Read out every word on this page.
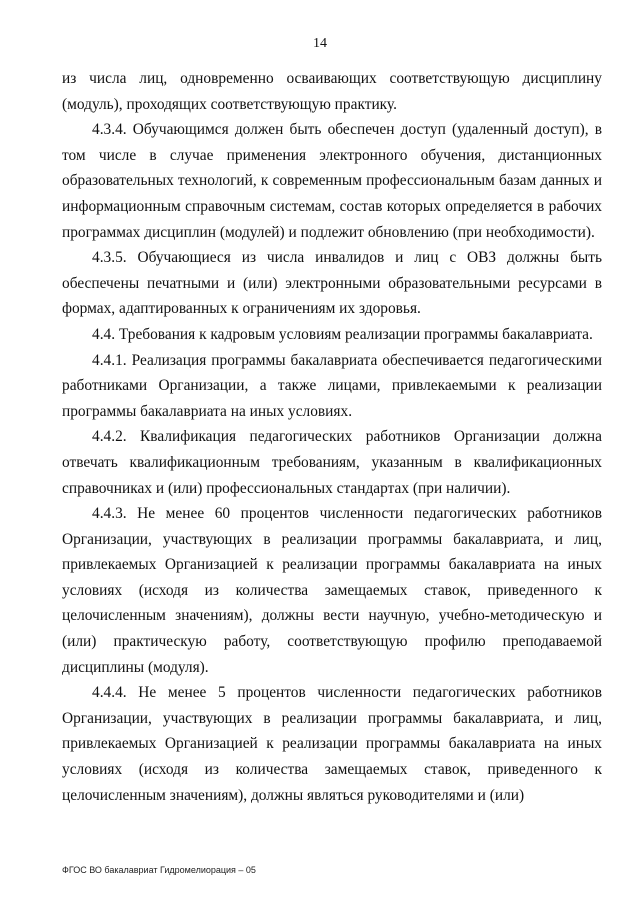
14

из числа лиц, одновременно осваивающих соответствующую дисциплину (модуль), проходящих соответствующую практику.

4.3.4. Обучающимся должен быть обеспечен доступ (удаленный доступ), в том числе в случае применения электронного обучения, дистанционных образовательных технологий, к современным профессиональным базам данных и информационным справочным системам, состав которых определяется в рабочих программах дисциплин (модулей) и подлежит обновлению (при необходимости).

4.3.5. Обучающиеся из числа инвалидов и лиц с ОВЗ должны быть обеспечены печатными и (или) электронными образовательными ресурсами в формах, адаптированных к ограничениям их здоровья.

4.4. Требования к кадровым условиям реализации программы бакалавриата.

4.4.1. Реализация программы бакалавриата обеспечивается педагогическими работниками Организации, а также лицами, привлекаемыми к реализации программы бакалавриата на иных условиях.

4.4.2. Квалификация педагогических работников Организации должна отвечать квалификационным требованиям, указанным в квалификационных справочниках и (или) профессиональных стандартах (при наличии).

4.4.3. Не менее 60 процентов численности педагогических работников Организации, участвующих в реализации программы бакалавриата, и лиц, привлекаемых Организацией к реализации программы бакалавриата на иных условиях (исходя из количества замещаемых ставок, приведенного к целочисленным значениям), должны вести научную, учебно-методическую и (или) практическую работу, соответствующую профилю преподаваемой дисциплины (модуля).

4.4.4. Не менее 5 процентов численности педагогических работников Организации, участвующих в реализации программы бакалавриата, и лиц, привлекаемых Организацией к реализации программы бакалавриата на иных условиях (исходя из количества замещаемых ставок, приведенного к целочисленным значениям), должны являться руководителями и (или)

ФГОС ВО бакалавриат Гидромелиорация – 05
